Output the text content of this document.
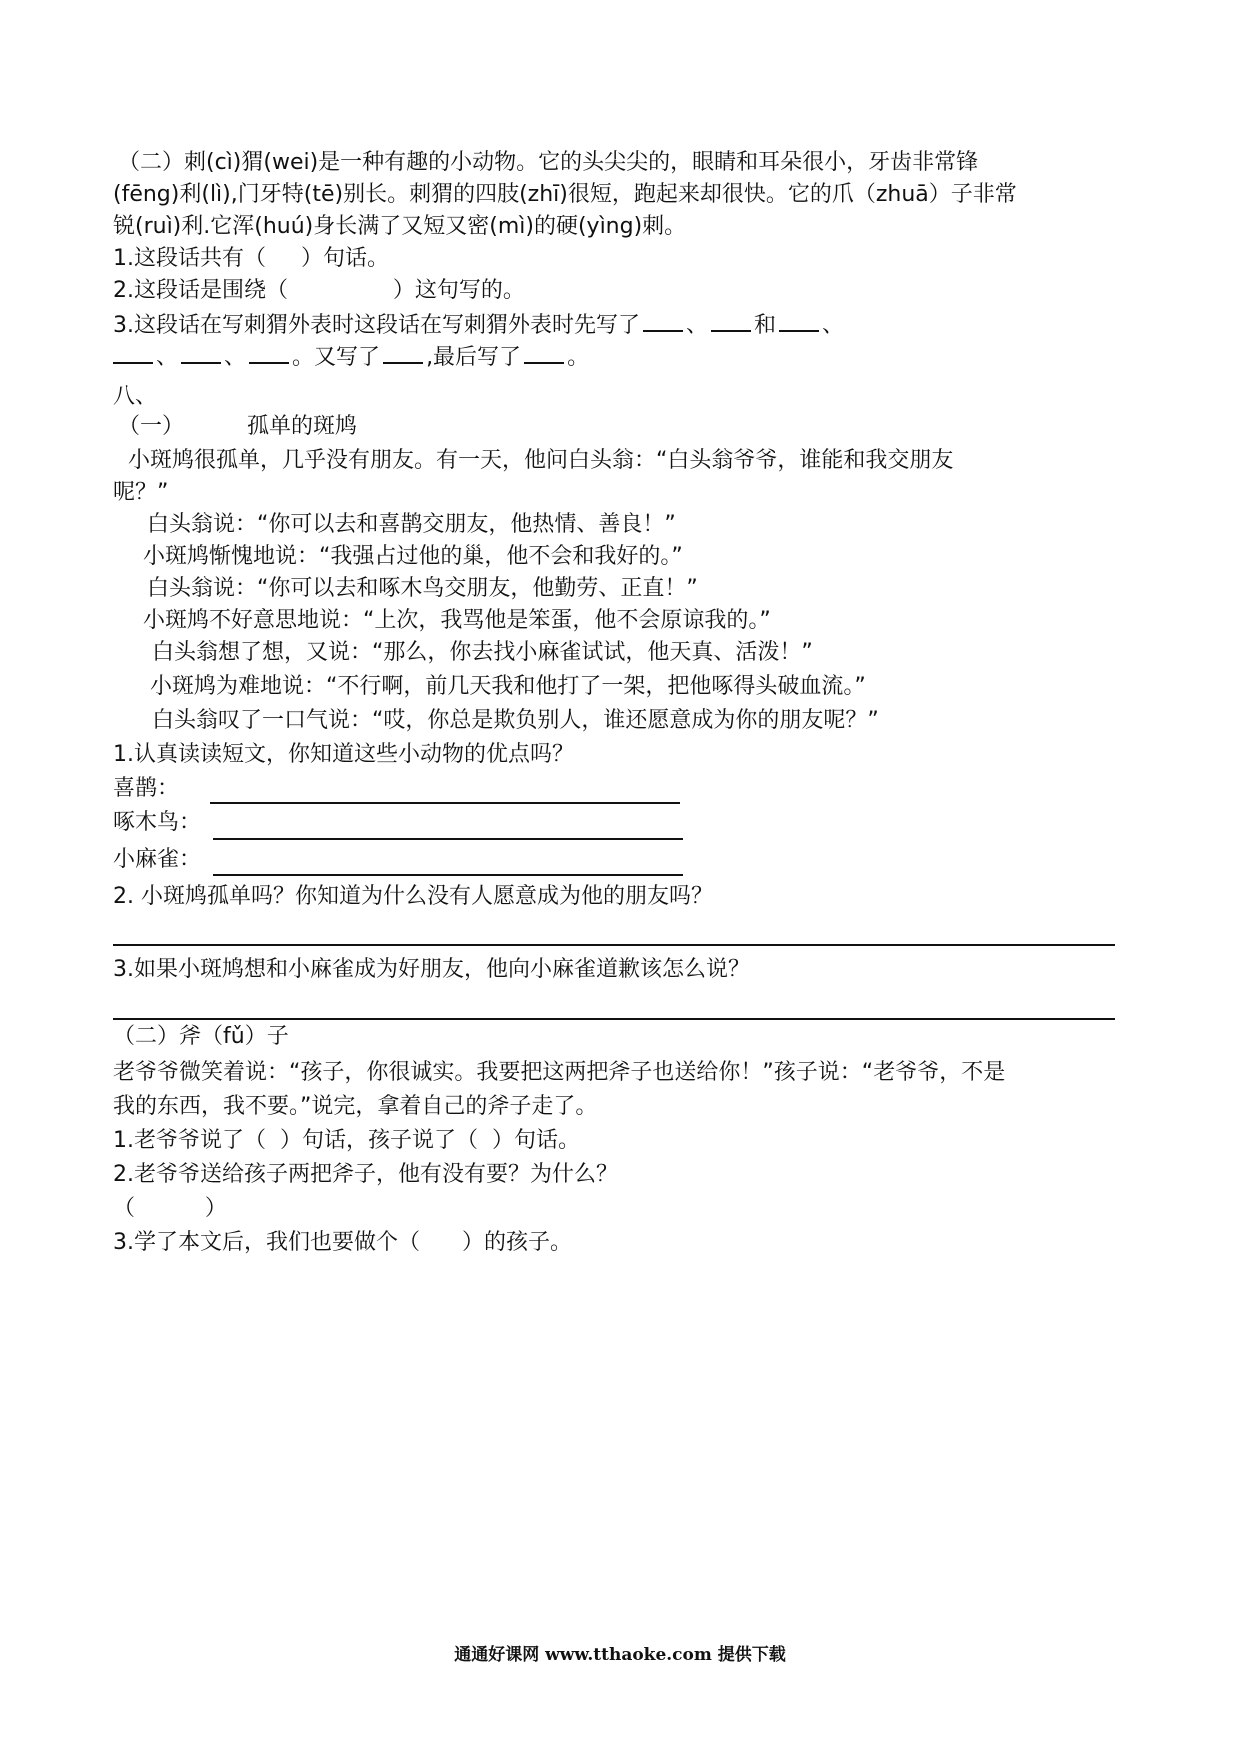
（二）刺(cì)猬(wei)是一种有趣的小动物。它的头尖尖的，眼睛和耳朵很小，牙齿非常锋
(fēng)利(lì),门牙特(tē)别长。刺猬的四肢(zhī)很短，跑起来却很快。它的爪（zhuā）子非常
锐(ruì)利.它浑(huú)身长满了又短又密(mì)的硬(yìng)刺。
1.这段话共有（     ）句话。
2.这段话是围绕（               ）这句写的。
3.这段话在写刺猬外表时这段话在写刺猬外表时先写了 、 和 、
、 、 。又写了 ,最后写了 。
八、
（一）	孤单的斑鸠
小斑鸠很孤单，几乎没有朋友。有一天，他问白头翁：“白头翁爷爷，谁能和我交朋友
呢？”
白头翁说：“你可以去和喜鹊交朋友，他热情、善良！”
小斑鸠惭愧地说：“我强占过他的巢，他不会和我好的。”
白头翁说：“你可以去和啄木鸟交朋友，他勤劳、正直！”
小斑鸠不好意思地说：“上次，我骂他是笨蛋，他不会原谅我的。”
白头翁想了想，又说：“那么，你去找小麻雀试试，他天真、活泼！”
小斑鸠为难地说：“不行啊，前几天我和他打了一架，把他啄得头破血流。”
白头翁叹了一口气说：“哎，你总是欺负别人，谁还愿意成为你的朋友呢？”
1.认真读读短文，你知道这些小动物的优点吗？
喜鹊：
啄木鸟：
小麻雀：
2. 小斑鸠孤单吗？你知道为什么没有人愿意成为他的朋友吗？
3.如果小斑鸠想和小麻雀成为好朋友，他向小麻雀道歉该怎么说？
（二）斧（fǔ）子
老爷爷微笑着说：“孩子，你很诚实。我要把这两把斧子也送给你！”孩子说：“老爷爷，不是
我的东西，我不要。”说完，拿着自己的斧子走了。
1.老爷爷说了（  ）句话，孩子说了（  ）句话。
2.老爷爷送给孩子两把斧子，他有没有要？为什么？
（          ）
3.学了本文后，我们也要做个（      ）的孩子。
通通好课网 www.tthaoke.com 提供下载
